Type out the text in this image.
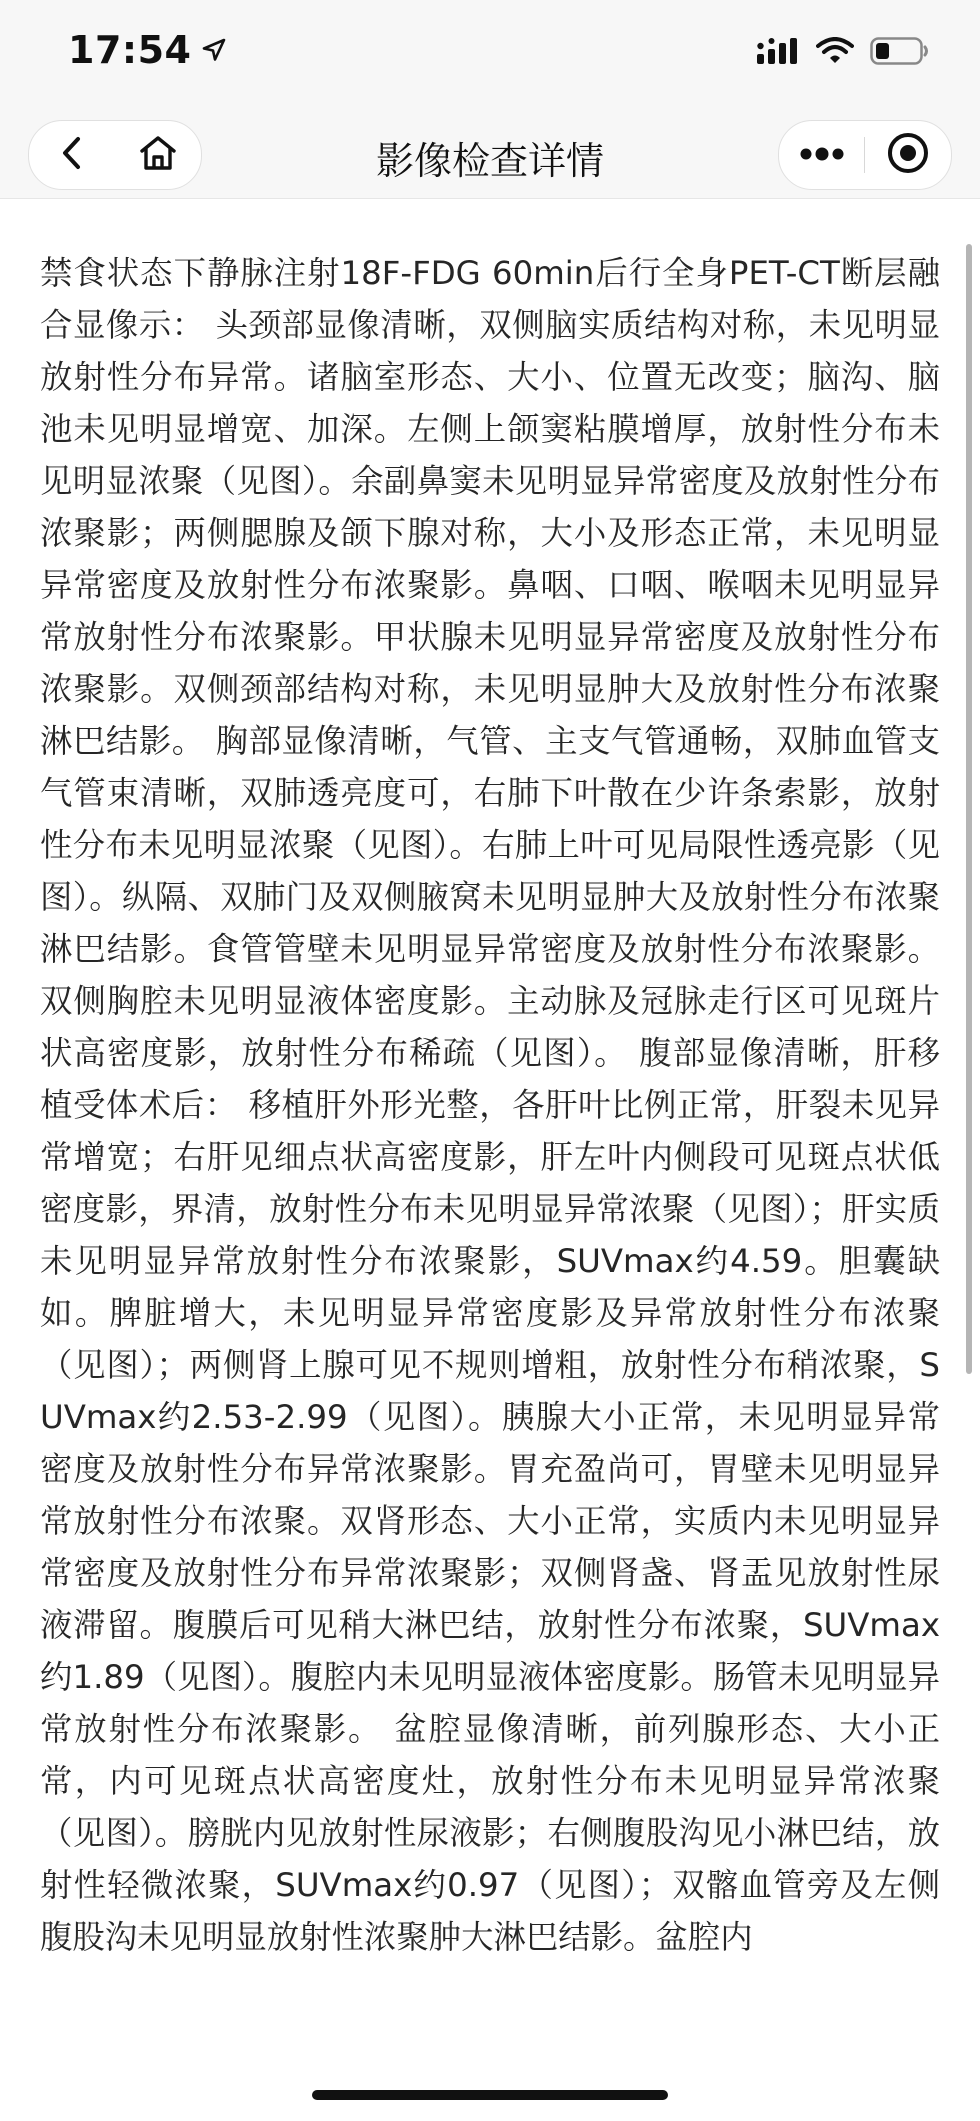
17:54
影像检查详情

禁食状态下静脉注射18F-FDG 60min后行全身PET-CT断层融合显像示： 头颈部显像清晰，双侧脑实质结构对称，未见明显放射性分布异常。诸脑室形态、大小、位置无改变；脑沟、脑池未见明显增宽、加深。左侧上颌窦粘膜增厚，放射性分布未见明显浓聚（见图）。余副鼻窦未见明显异常密度及放射性分布浓聚影；两侧腮腺及颌下腺对称，大小及形态正常，未见明显异常密度及放射性分布浓聚影。鼻咽、口咽、喉咽未见明显异常放射性分布浓聚影。甲状腺未见明显异常密度及放射性分布浓聚影。双侧颈部结构对称，未见明显肿大及放射性分布浓聚淋巴结影。 胸部显像清晰，气管、主支气管通畅，双肺血管支气管束清晰，双肺透亮度可，右肺下叶散在少许条索影，放射性分布未见明显浓聚（见图）。右肺上叶可见局限性透亮影（见图）。纵隔、双肺门及双侧腋窝未见明显肿大及放射性分布浓聚淋巴结影。食管管壁未见明显异常密度及放射性分布浓聚影。双侧胸腔未见明显液体密度影。主动脉及冠脉走行区可见斑片状高密度影，放射性分布稀疏（见图）。 腹部显像清晰，肝移植受体术后： 移植肝外形光整，各肝叶比例正常，肝裂未见异常增宽；右肝见细点状高密度影，肝左叶内侧段可见斑点状低密度影，界清，放射性分布未见明显异常浓聚（见图）；肝实质未见明显异常放射性分布浓聚影，SUVmax约4.59。胆囊缺如。脾脏增大，未见明显异常密度影及异常放射性分布浓聚（见图）；两侧肾上腺可见不规则增粗，放射性分布稍浓聚，SUVmax约2.53-2.99（见图）。胰腺大小正常，未见明显异常密度及放射性分布异常浓聚影。胃充盈尚可，胃壁未见明显异常放射性分布浓聚。双肾形态、大小正常，实质内未见明显异常密度及放射性分布异常浓聚影；双侧肾盏、肾盂见放射性尿液滞留。腹膜后可见稍大淋巴结，放射性分布浓聚，SUVmax约1.89（见图）。腹腔内未见明显液体密度影。肠管未见明显异常放射性分布浓聚影。 盆腔显像清晰，前列腺形态、大小正常，内可见斑点状高密度灶，放射性分布未见明显异常浓聚（见图）。膀胱内见放射性尿液影；右侧腹股沟见小淋巴结，放射性轻微浓聚，SUVmax约0.97（见图）；双髂血管旁及左侧腹股沟未见明显放射性浓聚肿大淋巴结影。盆腔内
